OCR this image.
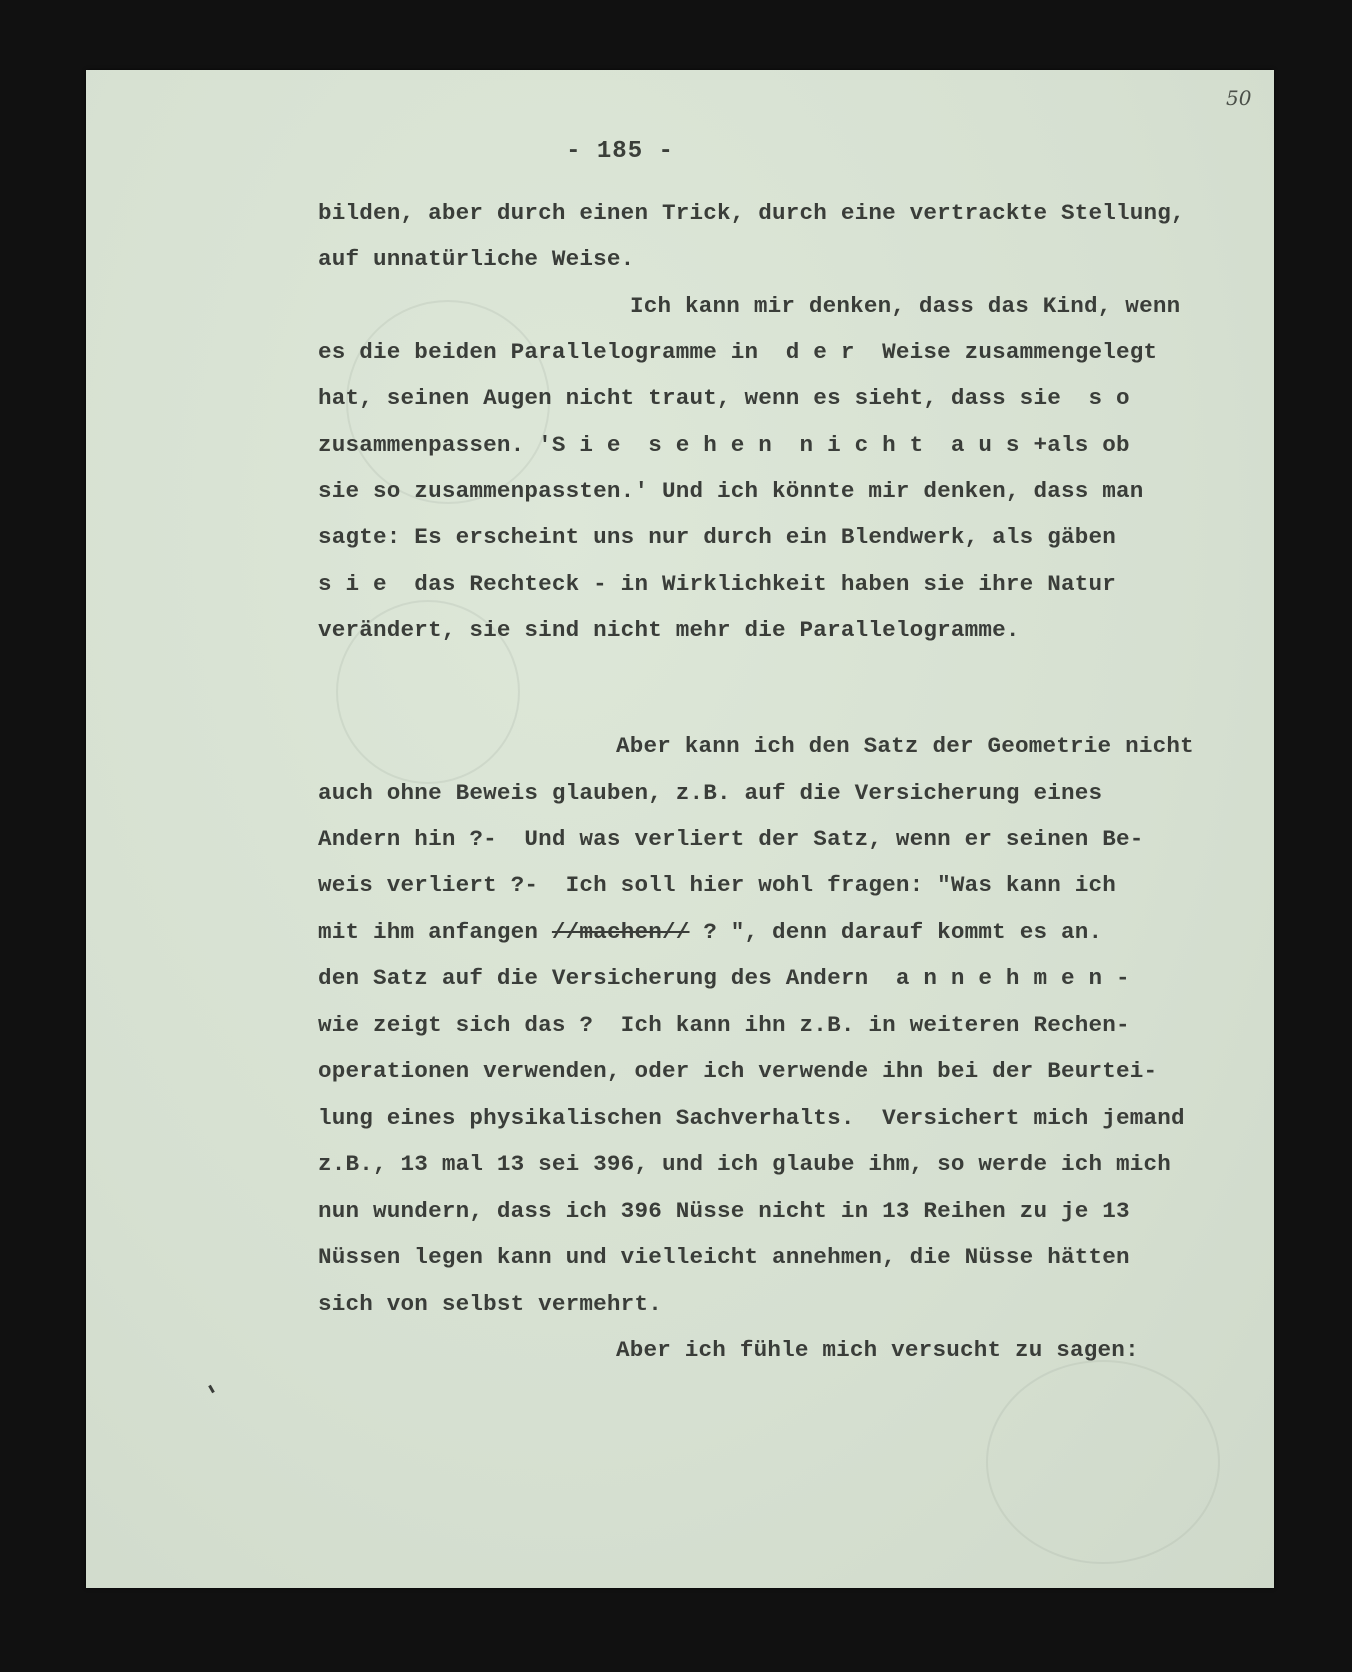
50
- 185 -
bilden, aber durch einen Trick, durch eine vertrackte Stellung,
auf unnatürliche Weise.
Ich kann mir denken, dass das Kind, wenn
es die beiden Parallelogramme in  d e r  Weise zusammengelegt
hat, seinen Augen nicht traut, wenn es sieht, dass sie  s o
zusammenpassen. 'S i e  s e h e n  n i c h t  a u s +als ob
sie so zusammenpassten.' Und ich könnte mir denken, dass man
sagte: Es erscheint uns nur durch ein Blendwerk, als gäben
s i e  das Rechteck - in Wirklichkeit haben sie ihre Natur
verändert, sie sind nicht mehr die Parallelogramme.
Aber kann ich den Satz der Geometrie nicht
auch ohne Beweis glauben, z.B. auf die Versicherung eines
Andern hin ?-  Und was verliert der Satz, wenn er seinen Be-
weis verliert ?-  Ich soll hier wohl fragen: "Was kann ich
mit ihm anfangen //machen// ? ", denn darauf kommt es an.
den Satz auf die Versicherung des Andern  a n n e h m e n -
wie zeigt sich das ?  Ich kann ihn z.B. in weiteren Rechen-
operationen verwenden, oder ich verwende ihn bei der Beurtei-
lung eines physikalischen Sachverhalts.  Versichert mich jemand
z.B., 13 mal 13 sei 396, und ich glaube ihm, so werde ich mich
nun wundern, dass ich 396 Nüsse nicht in 13 Reihen zu je 13
Nüssen legen kann und vielleicht annehmen, die Nüsse hätten
sich von selbst vermehrt.
Aber ich fühle mich versucht zu sagen:
